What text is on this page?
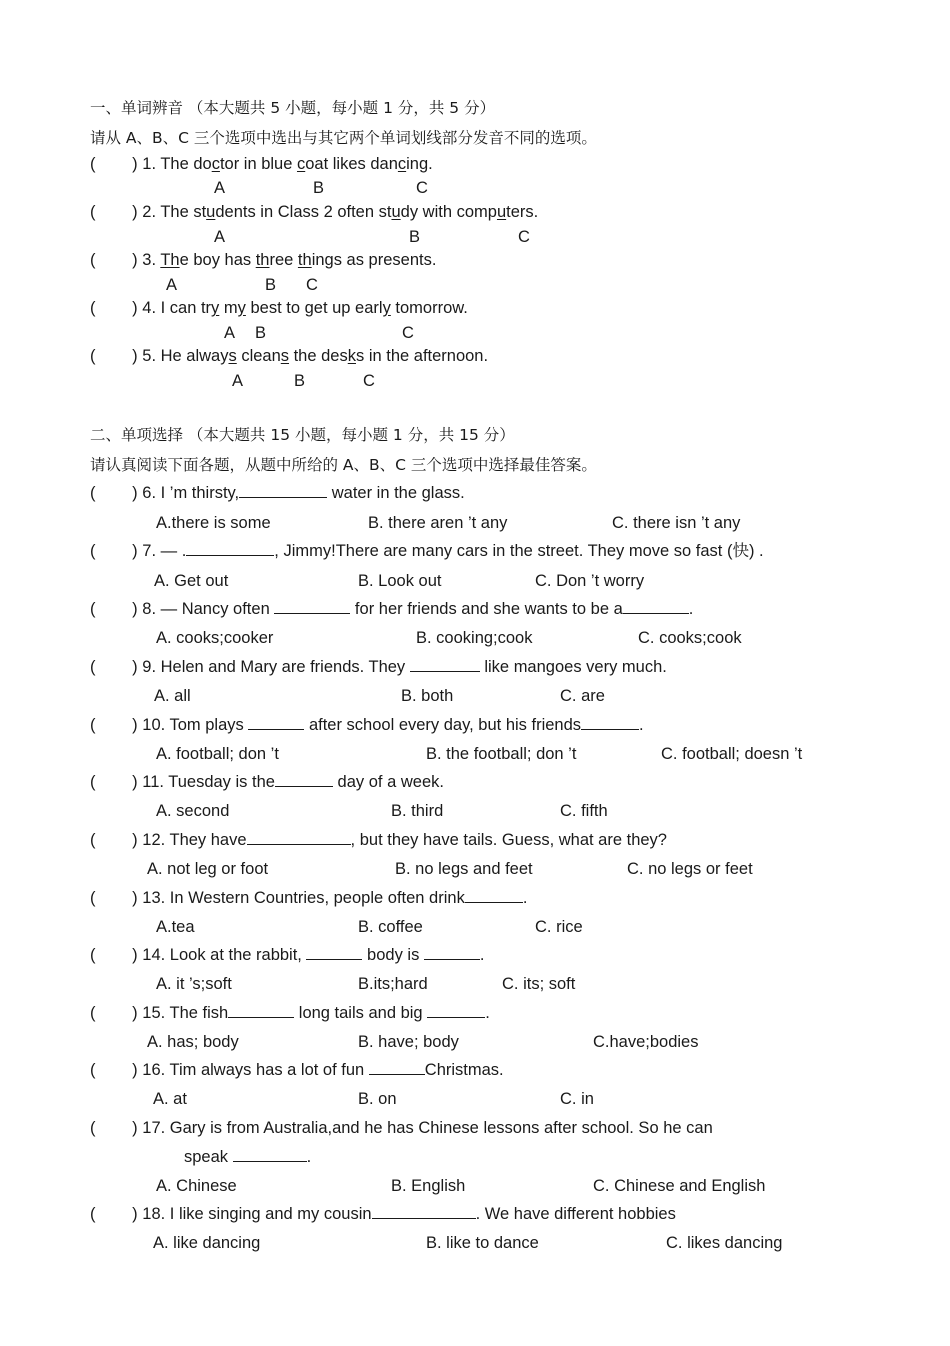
一、单词辨音 （本大题共 5 小题，每小题 1 分，共 5 分）
请从 A、B、C 三个选项中选出与其它两个单词划线部分发音不同的选项。
(        ) 1. The doctor in blue coat likes dancing.
A	B	C
(        ) 2. The students in Class 2 often study with computers.
A	B	C
(        ) 3. The boy has three things as presents.
A	B C
(        ) 4. I can try my best to get up early tomorrow.
A B	C
(        ) 5. He always cleans the desks in the afternoon.
A	B	C
二、单项选择 （本大题共 15 小题，每小题 1 分，共 15 分）
请认真阅读下面各题，从题中所给的 A、B、C 三个选项中选择最佳答案。
(        ) 6. I ’m thirsty,	water in the glass.
A.there is some	B. there aren ’t any	C. there isn ’t any
(        ) 7. — .	, Jimmy!There are many cars in the street. They move so fast (快) .
A. Get out	B. Look out	C. Don ’t worry
(        ) 8. — Nancy often	for her friends and she wants to be a	.
A. cooks;cooker	B. cooking;cook	C. cooks;cook
(        ) 9. Helen and Mary are friends. They	like mangoes very much.
A. all	B. both	C. are
(        ) 10. Tom plays	after school every day, but his friends	.
A. football; don ’t	B. the football; don ’t	C. football; doesn ’t
(        ) 11. Tuesday is the	day of a week.
A. second	B. third	C. fifth
(        ) 12. They have	, but they have tails. Guess, what are they?
A. not leg or foot	B. no legs and feet	C. no legs or feet
(        ) 13. In Western Countries, people often drink	.
A.tea	B. coffee	C. rice
(        ) 14. Look at the rabbit,	body is	.
A. it ’s;soft	B.its;hard	C. its; soft
(        ) 15. The fish	long tails and big	.
A. has; body	B. have; body	C.have;bodies
(        ) 16. Tim always has a lot of fun	Christmas.
A. at	B. on	C. in
(        ) 17. Gary is from Australia,and he has Chinese lessons after school. So he can
speak	.
A. Chinese	B. English	C. Chinese and English
(        ) 18. I like singing and my cousin	. We have different hobbies
A. like dancing	B. like to dance	C. likes dancing
